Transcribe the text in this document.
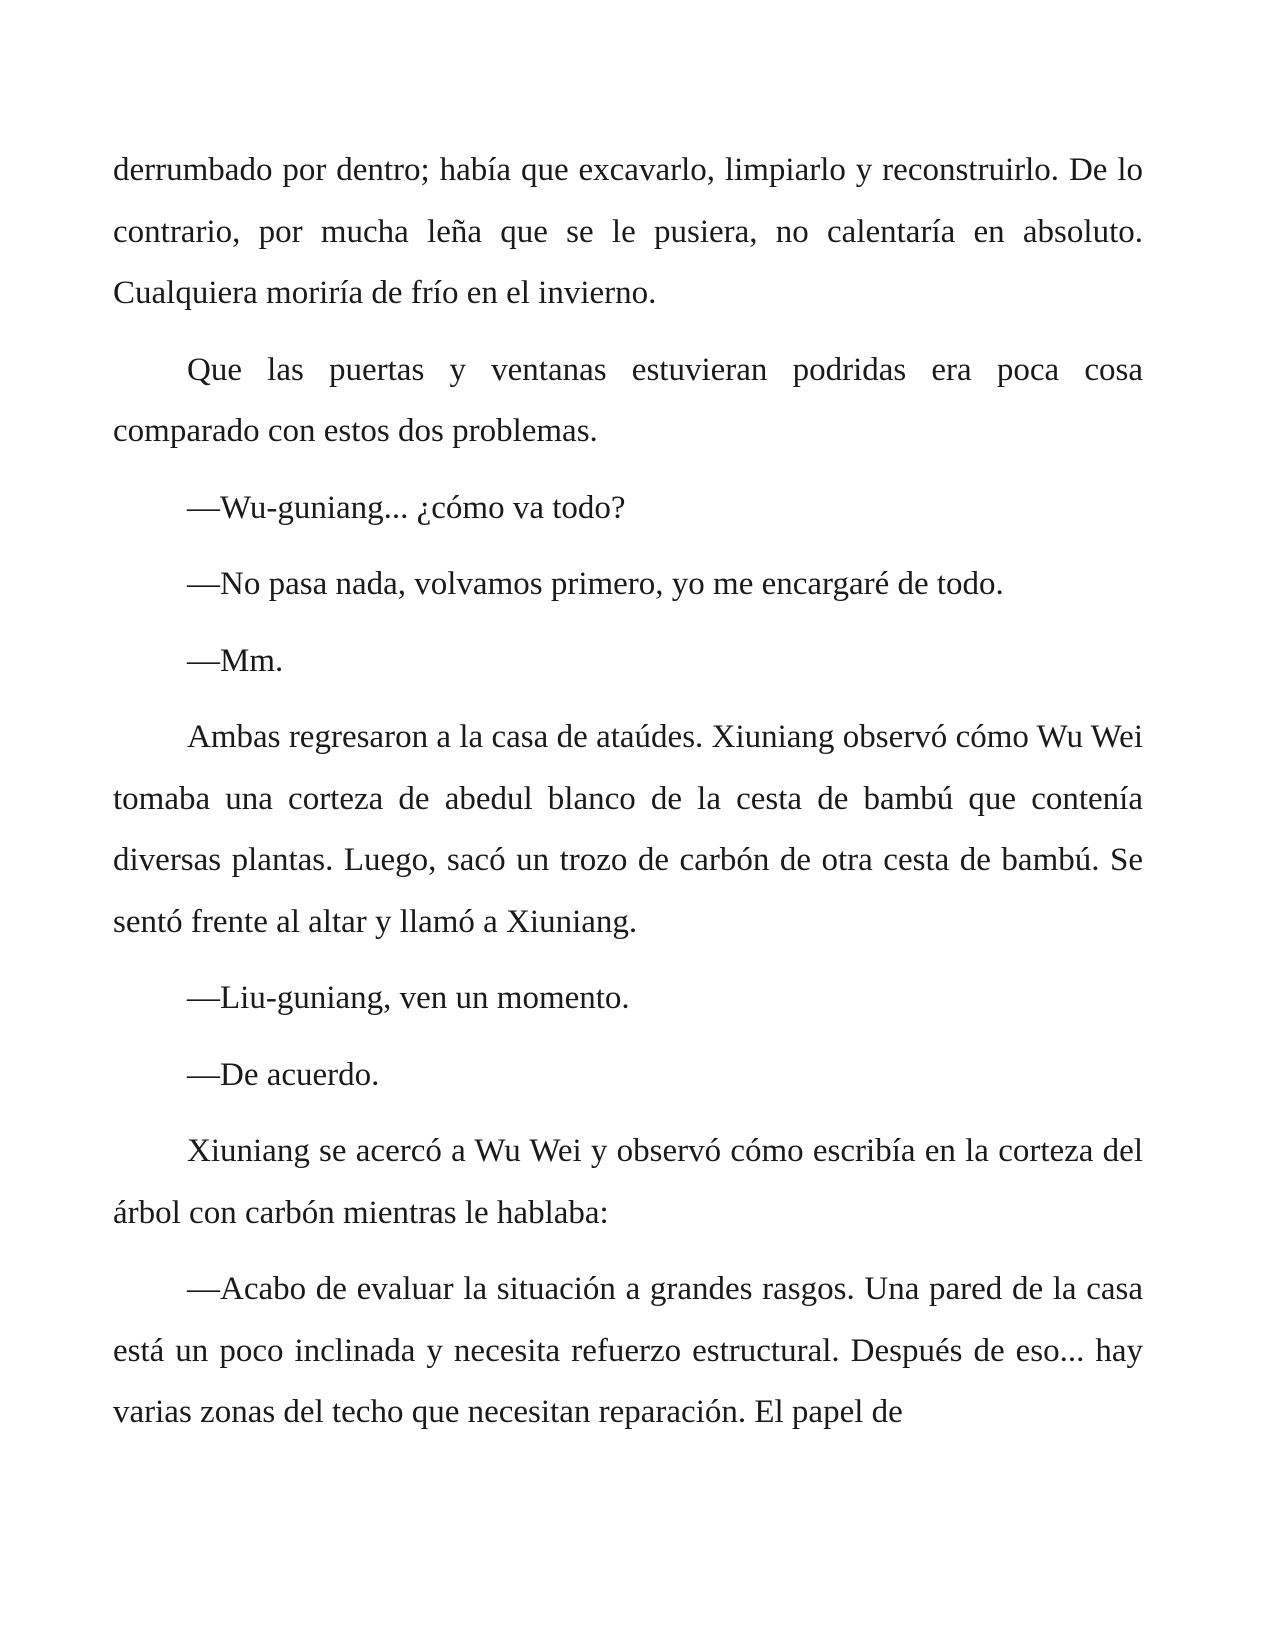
derrumbado por dentro; había que excavarlo, limpiarlo y reconstruirlo. De lo contrario, por mucha leña que se le pusiera, no calentaría en absoluto. Cualquiera moriría de frío en el invierno.

Que las puertas y ventanas estuvieran podridas era poca cosa comparado con estos dos problemas.

—Wu-guniang... ¿cómo va todo?

—No pasa nada, volvamos primero, yo me encargaré de todo.

—Mm.

Ambas regresaron a la casa de ataúdes. Xiuniang observó cómo Wu Wei tomaba una corteza de abedul blanco de la cesta de bambú que contenía diversas plantas. Luego, sacó un trozo de carbón de otra cesta de bambú. Se sentó frente al altar y llamó a Xiuniang.

—Liu-guniang, ven un momento.

—De acuerdo.

Xiuniang se acercó a Wu Wei y observó cómo escribía en la corteza del árbol con carbón mientras le hablaba:

—Acabo de evaluar la situación a grandes rasgos. Una pared de la casa está un poco inclinada y necesita refuerzo estructural. Después de eso... hay varias zonas del techo que necesitan reparación. El papel de
